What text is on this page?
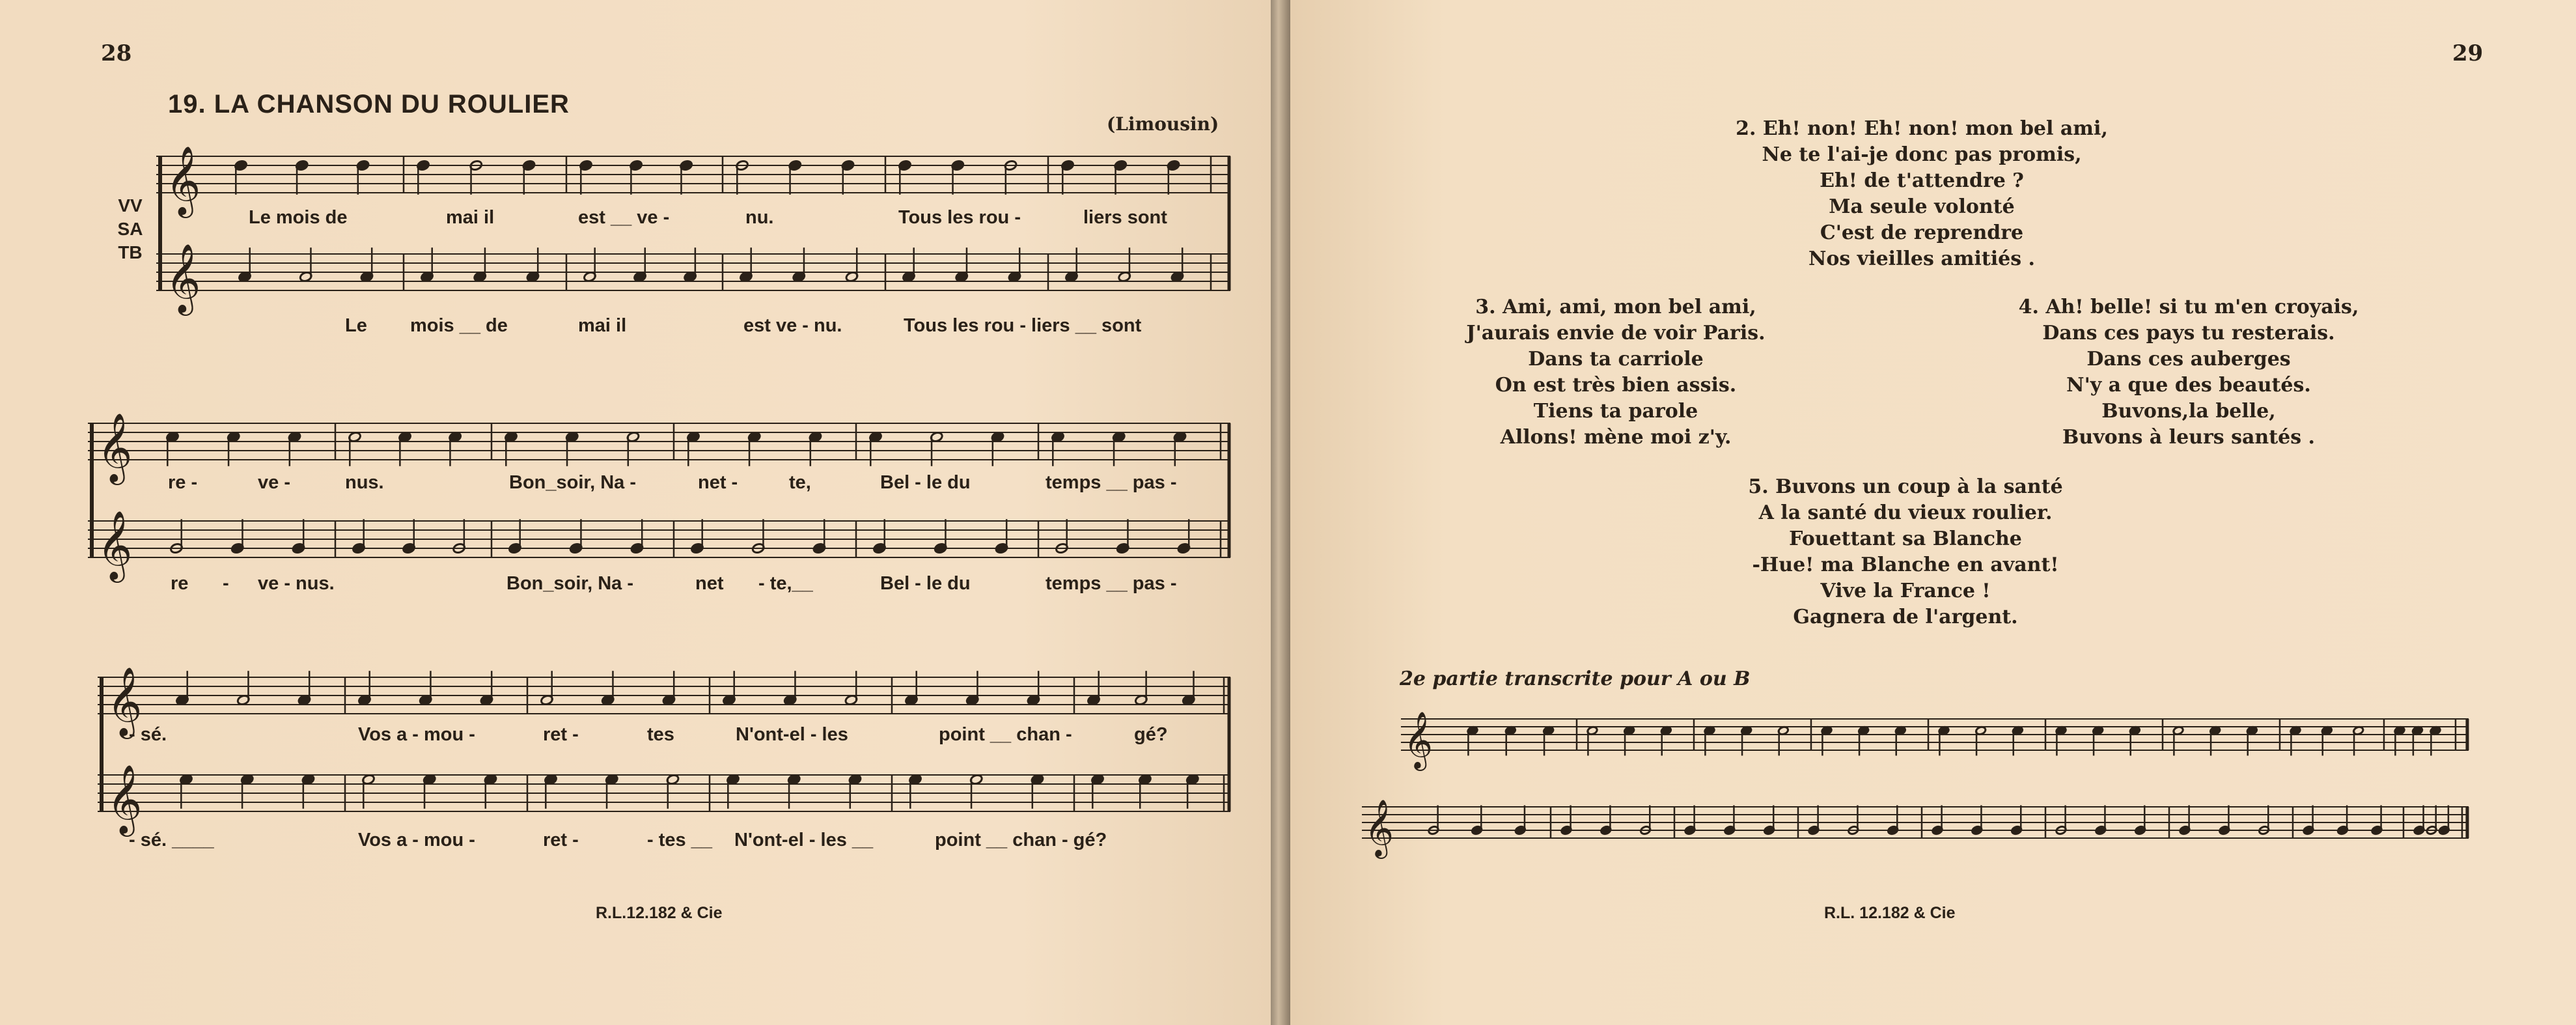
28
19. LA CHANSON DU ROULIER
(Limousin)
VV
SA
TB
𝄞
𝄞
𝄞
𝄞
𝄞
𝄞
Le mois de	mai il	est __ ve -	nu.	Tous les rou -	liers sont
Le mois __ de	mai il	est ve - nu.	Tous les rou - liers __ sont
re -	ve -	nus.	Bon_soir, Na -	net -	te,	Bel - le du	temps __ pas -
re - ve - nus.	Bon_soir, Na -	net - te,__	Bel - le du	temps __ pas -
- sé.	Vos a - mou -	ret -	tes	N'ont-el - les	point __ chan -	gé?
- sé. ____	Vos a - mou -	ret -	- tes __ N'ont-el - les __	point __ chan - gé?
R.L.12.182 & Cie
29
2. Eh! non! Eh! non! mon bel ami,
Ne te l'ai-je donc pas promis,
Eh! de t'attendre ?
Ma seule volonté
C'est de reprendre
Nos vieilles amitiés .
3. Ami, ami, mon bel ami,
J'aurais envie de voir Paris.
Dans ta carriole
On est très bien assis.
Tiens ta parole
Allons! mène moi z'y.
4. Ah! belle! si tu m'en croyais,
Dans ces pays tu resterais.
Dans ces auberges
N'y a que des beautés.
Buvons,la belle,
Buvons à leurs santés .
5. Buvons un coup à la santé
A la santé du vieux roulier.
Fouettant sa Blanche
-Hue! ma Blanche en avant!
Vive la France !
Gagnera de l'argent.
2e partie transcrite pour A ou B
𝄞
𝄞
R.L. 12.182 & Cie
